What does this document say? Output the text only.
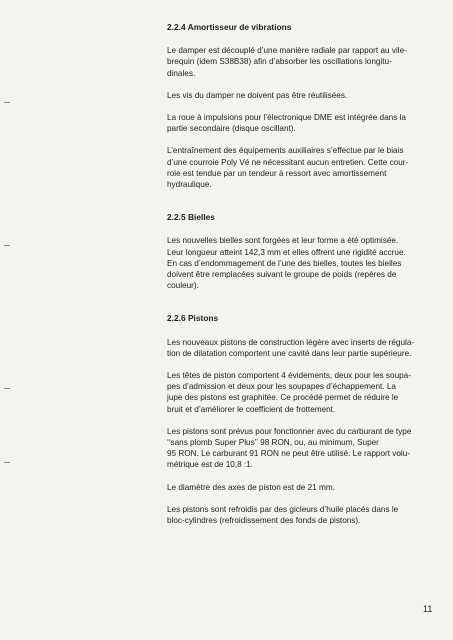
2.2.4 Amortisseur de vibrations
Le damper est découplé d’une manière radiale par rapport au vile-
brequin (idem S38B38) afin d’absorber les oscillations longitu-
dinales.
Les vis du damper ne doivent pas être réutilisées.
La roue à impulsions pour l’électronique DME est intégrée dans la
partie secondaire (disque oscillant).
L’entraînement des équipements auxiliaires s’effectue par le biais
d’une courroie Poly Vé ne nécessitant aucun entretien. Cette cour-
roie est tendue par un tendeur à ressort avec amortissement
hydraulique.
2.2.5 Bielles
Les nouvelles bielles sont forgées et leur forme a été optimisée.
Leur longueur atteint 142,3 mm et elles offrent une rigidité accrue.
En cas d’endommagement de l’une des bielles, toutes les bielles
doivent être remplacées suivant le groupe de poids (repères de
couleur).
2.2.6 Pistons
Les nouveaux pistons de construction légère avec inserts de régula-
tion de dilatation comportent une cavité dans leur partie supérieure.
Les têtes de piston comportent 4 évidements, deux pour les soupa-
pes d’admission et deux pour les soupapes d’échappement. La
jupe des pistons est graphitée. Ce procédé permet de réduire le
bruit et d’améliorer le coefficient de frottement.
Les pistons sont prévus pour fonctionner avec du carburant de type
‘‘sans plomb Super Plus’’ 98 RON, ou, au minimum, Super
95 RON. Le carburant 91 RON ne peut être utilisé. Le rapport volu-
métrique est de 10,8 :1.
Le diamètre des axes de piston est de 21 mm.
Les pistons sont refroidis par des gicleurs d’huile placés dans le
bloc-cylindres (refroidissement des fonds de pistons).
11
